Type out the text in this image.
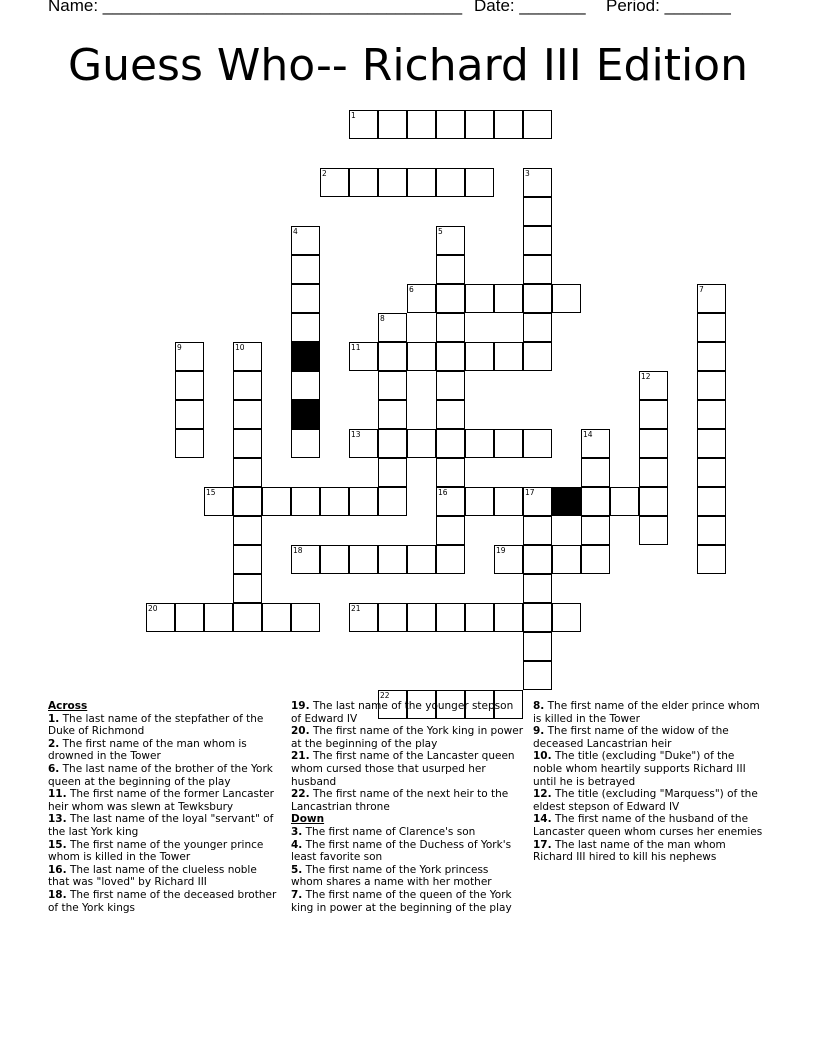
Name: ______________________________________ Date: _______ Period: _______
Guess Who-- Richard III Edition
1
2	3
4	5
16
6	7
8
9	10	11
12
13	14
15	17
18	19
20	21
22
Across
1. The last name of the stepfather of the Duke of Richmond
2. The first name of the man whom is drowned in the Tower
6. The last name of the brother of the York queen at the beginning of the play
11. The first name of the former Lancaster heir whom was slewn at Tewksbury
13. The last name of the loyal "servant" of the last York king
15. The first name of the younger prince whom is killed in the Tower
16. The last name of the clueless noble that was "loved" by Richard III
18. The first name of the deceased brother of the York kings
19. The last name of the younger stepson of Edward IV
20. The first name of the York king in power at the beginning of the play
21. The first name of the Lancaster queen whom cursed those that usurped her husband
22. The first name of the next heir to the Lancastrian throne
Down
3. The first name of Clarence's son
4. The first name of the Duchess of York's least favorite son
5. The first name of the York princess whom shares a name with her mother
7. The first name of the queen of the York king in power at the beginning of the play
8. The first name of the elder prince whom is killed in the Tower
9. The first name of the widow of the deceased Lancastrian heir
10. The title (excluding "Duke") of the noble whom heartily supports Richard III until he is betrayed
12. The title (excluding "Marquess") of the eldest stepson of Edward IV
14. The first name of the husband of the Lancaster queen whom curses her enemies
17. The last name of the man whom Richard III hired to kill his nephews
